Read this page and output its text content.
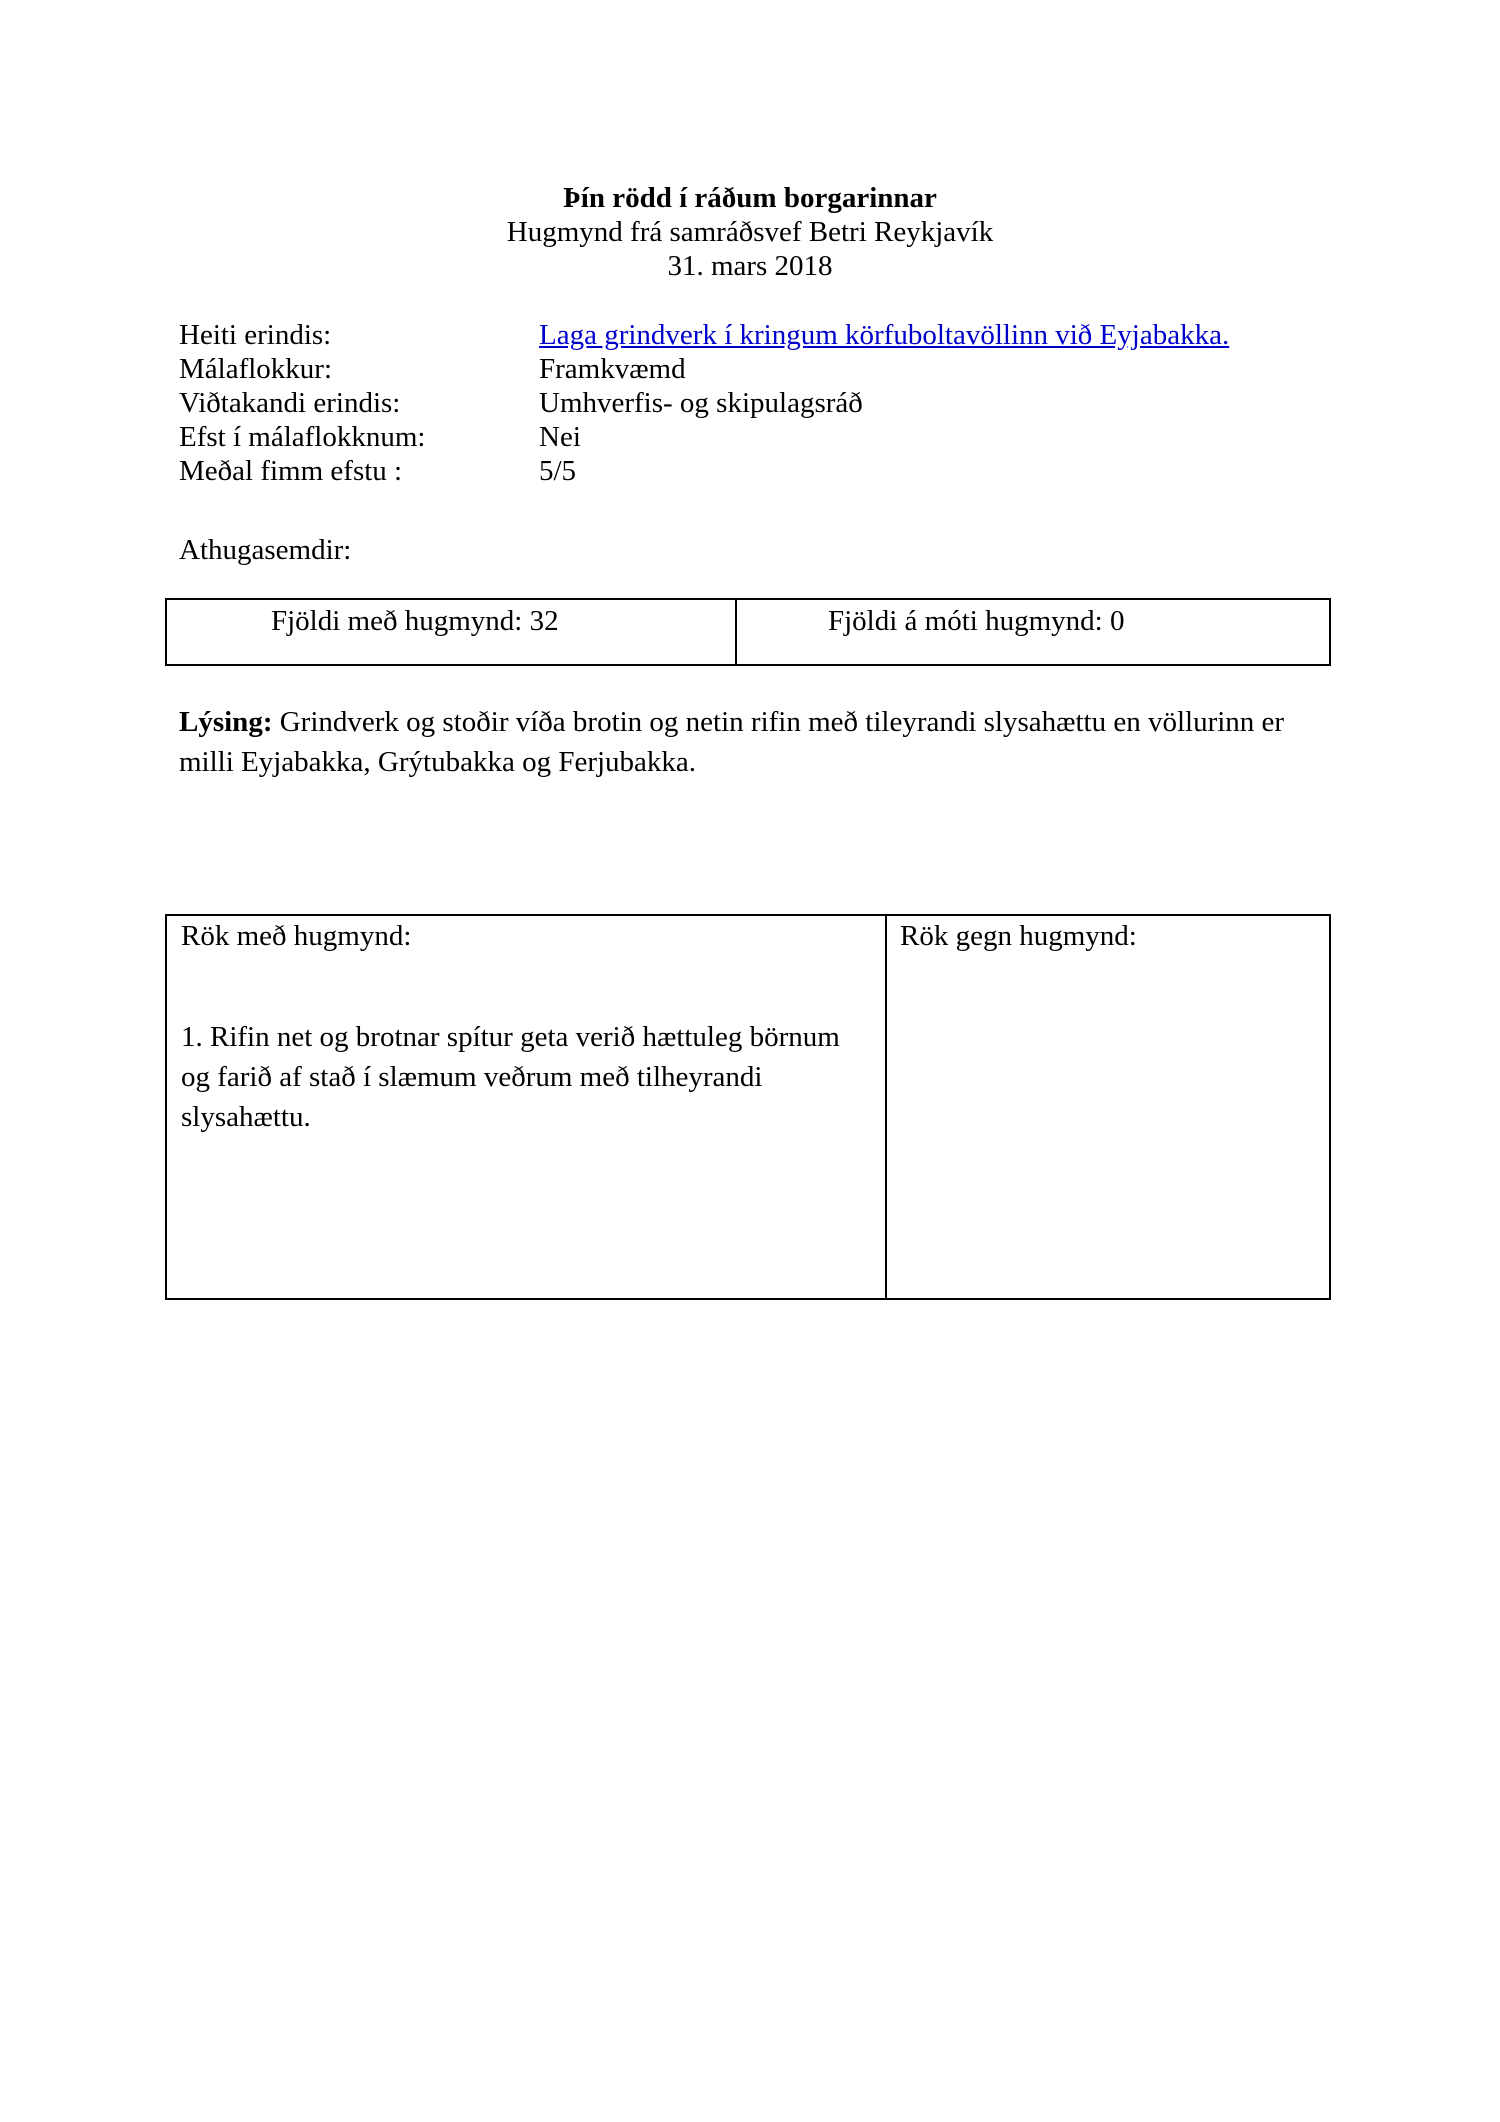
Þín rödd í ráðum borgarinnar
Hugmynd frá samráðsvef Betri Reykjavík
31. mars 2018
Heiti erindis:	Laga grindverk í kringum körfuboltavöllinn við Eyjabakka.
Málaflokkur:	Framkvæmd
Viðtakandi erindis:	Umhverfis- og skipulagsráð
Efst í málaflokknum:	Nei
Meðal fimm efstu :	5/5
Athugasemdir:
Fjöldi með hugmynd: 32	Fjöldi á móti hugmynd: 0
Lýsing: Grindverk og stoðir víða brotin og netin rifin með tileyrandi slysahættu en völlurinn er milli Eyjabakka, Grýtubakka og Ferjubakka.
Rök með hugmynd:
1. Rifin net og brotnar spítur geta verið hættuleg börnum og farið af stað í slæmum veðrum með tilheyrandi slysahættu.
Rök gegn hugmynd:
